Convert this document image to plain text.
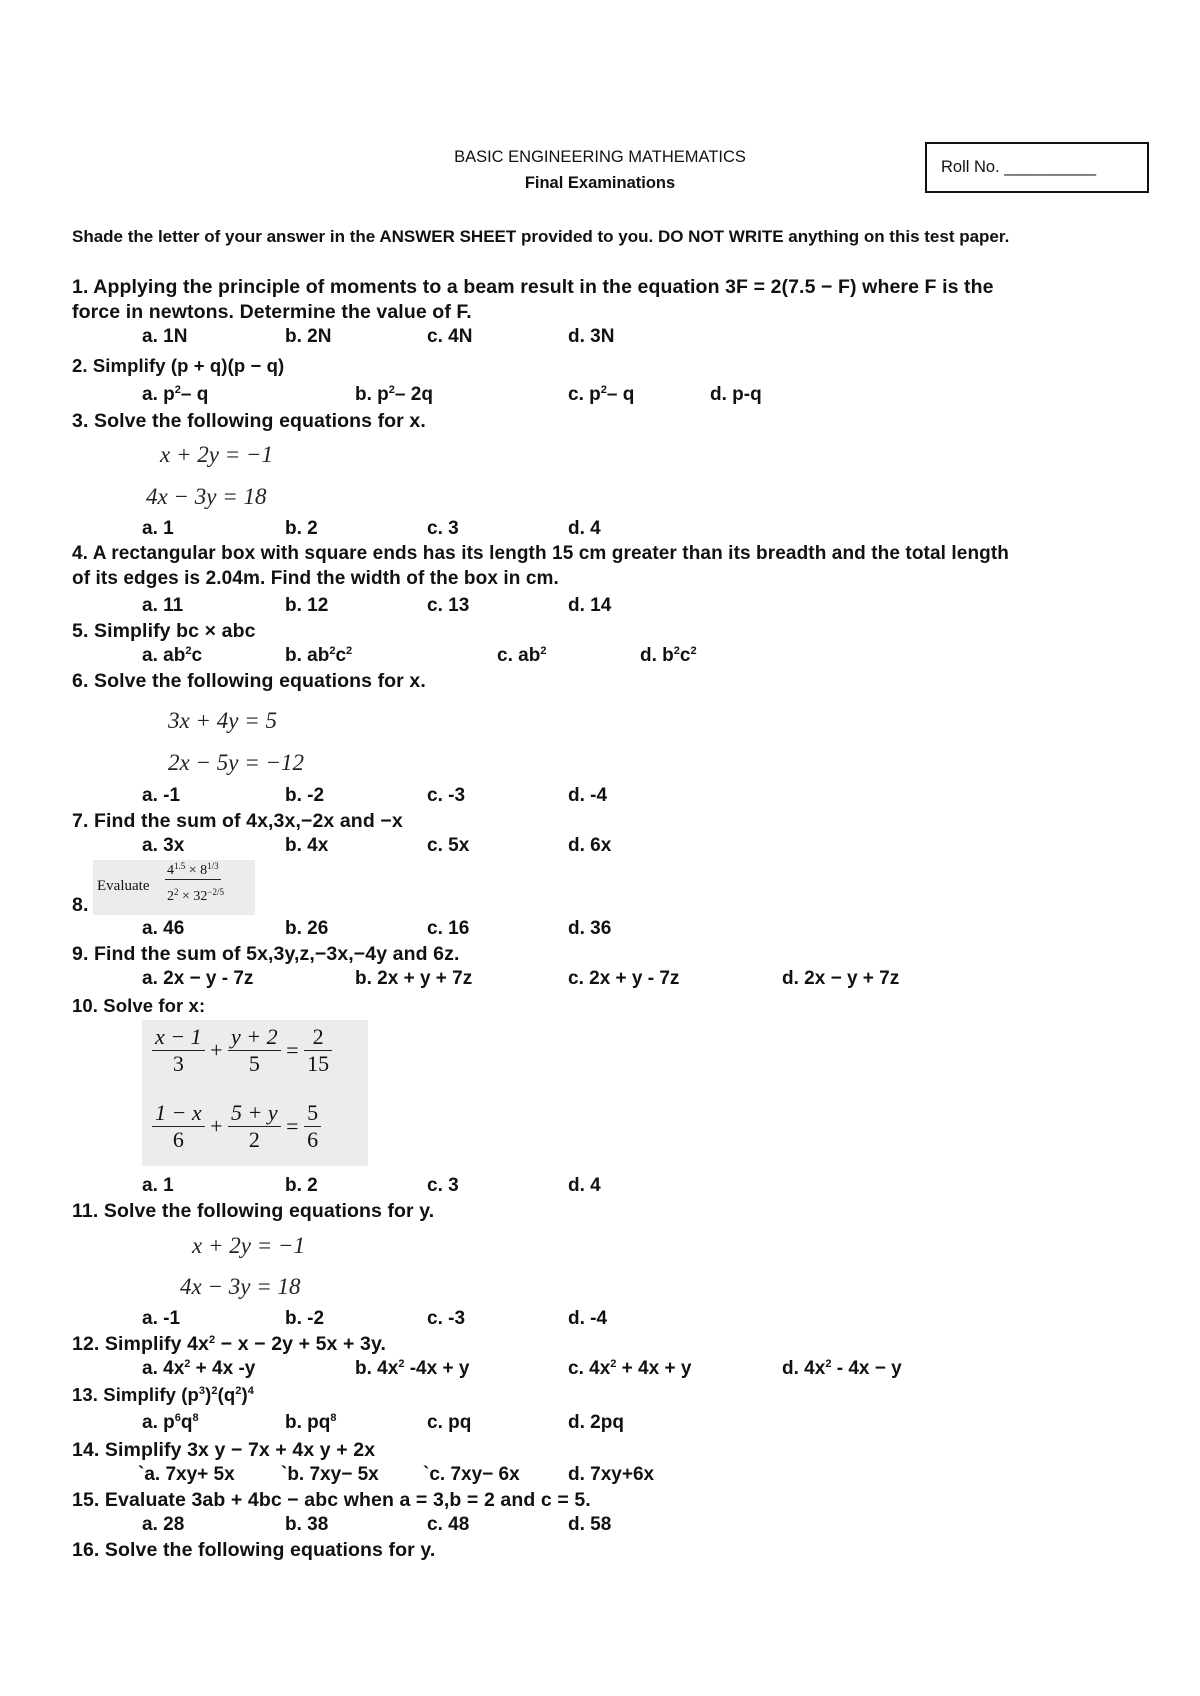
BASIC ENGINEERING MATHEMATICS
Final Examinations
Roll No. __________
Shade the letter of your answer in the ANSWER SHEET provided to you. DO NOT WRITE anything on this test paper.
1. Applying the principle of moments to a beam result in the equation 3F = 2(7.5 − F) where F is the
force in newtons. Determine the value of F.
a. 1N	b. 2N	c. 4N	d. 3N
2. Simplify (p + q)(p − q)
a. $p^2-$ q	b. $p^2-$ 2q	c. $p^2-$ q	d. p-q
3. Solve the following equations for x.
x + 2y = −1
4x − 3y = 18
a. 1	b. 2	c. 3	d. 4
4. A rectangular box with square ends has its length 15 cm greater than its breadth and the total length
of its edges is 2.04m. Find the width of the box in cm.
a. 11	b. 12	c. 13	d. 14
5. Simplify bc × abc
a. $ab^2c$	b. $ab^2c^2$	c. $ab^2$	d. $b^2c^2$
6. Solve the following equations for x.
3x + 4y = 5
2x − 5y = −12
a. -1	b. -2	c. -3	d. -4
7. Find the sum of 4x,3x,−2x and −x
a. 3x	b. 4x	c. 5x	d. 6x
8.
Evaluate
$4^{1.5} \times 8^{1/3}$
$2^2 \times 32^{-2/5}$
a. 46	b. 26	c. 16	d. 36
9. Find the sum of 5x,3y,z,−3x,−4y and 6z.
a. 2x − y - 7z	b. 2x + y + 7z	c. 2x + y - 7z	d. 2x − y + 7z
10. Solve for x:
$\frac{x - 1}{3} + \frac{y + 2}{5} = \frac{2}{15}$
$\frac{1 - x}{6} + \frac{5 + y}{2} = \frac{5}{6}$
a. 1	b. 2	c. 3	d. 4
11. Solve the following equations for y.
x + 2y = −1
4x − 3y = 18
a. -1	b. -2	c. -3	d. -4
12. Simplify $4x^2 - x - 2y + 5x + 3y$.
a. $4x^2 + 4x$ -y	b. $4x^2$ -4x + y	c. $4x^2 + 4x + y$	d. $4x^2 - 4x - y$
13. Simplify $(p^3)^2(q^2)^4$
a. $p^6q^8$	b. $pq^8$	c. pq	d. 2pq
14. Simplify 3x y − 7x + 4x y + 2x
`a. 7xy+ 5x `b. 7xy− 5x `c. 7xy− 6x	d. 7xy+6x
15. Evaluate 3ab + 4bc − abc when a = 3,b = 2 and c = 5.
a. 28	b. 38	c. 48	d. 58
16. Solve the following equations for y.
